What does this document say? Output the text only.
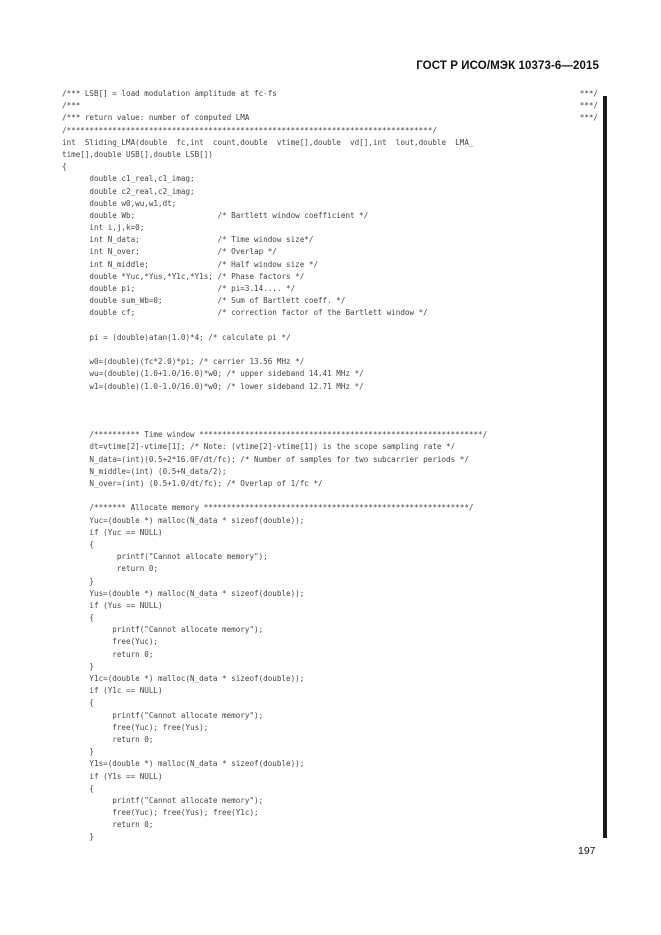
ГОСТ Р ИСО/МЭК 10373-6—2015
/*** LSB[] = load modulation amplitude at fc-fs	***/
/***	***/
/*** return value: number of computed LMA	***/
/********************************************************************************/
int  Sliding_LMA(double  fc,int  count,double  vtime[],double  vd[],int  lout,double  LMA_
time[],double USB[],double LSB[])
{
double c1_real,c1_imag;
double c2_real,c2_imag;
double w0,wu,w1,dt;
double Wb;                  /* Bartlett window coefficient */
int i,j,k=0;
int N_data;                 /* Time window size*/
int N_over;                 /* Overlap */
int N_middle;               /* Half window size */
double *Yuc,*Yus,*Y1c,*Y1s; /* Phase factors */
double pi;                  /* pi=3.14.... */
double sum_Wb=0;            /* Sum of Bartlett coeff. */
double cf;                  /* correction factor of the Bartlett window */
pi = (double)atan(1.0)*4; /* calculate pi */
w0=(double)(fc*2.0)*pi; /* carrier 13.56 MHz */
wu=(double)(1.0+1.0/16.0)*w0; /* upper sideband 14.41 MHz */
w1=(double)(1.0-1.0/16.0)*w0; /* lower sideband 12.71 MHz */
/********** Time window **************************************************************/
dt=vtime[2]-vtime[1]; /* Note: (vtime[2]-vtime[1]) is the scope sampling rate */
N_data=(int)(0.5+2*16.0F/dt/fc); /* Number of samples for two subcarrier periods */
N_middle=(int) (0.5+N_data/2);
N_over=(int) (0.5+1.0/dt/fc); /* Overlap of 1/fc */
/******* Allocate memory **********************************************************/
Yuc=(double *) malloc(N_data * sizeof(double));
if (Yuc == NULL)
{
printf("Cannot allocate memory");
return 0;
}
Yus=(double *) malloc(N_data * sizeof(double));
if (Yus == NULL)
{
printf("Cannot allocate memory");
free(Yuc);
return 0;
}
Y1c=(double *) malloc(N_data * sizeof(double));
if (Y1c == NULL)
{
printf("Cannot allocate memory");
free(Yuc); free(Yus);
return 0;
}
Y1s=(double *) malloc(N_data * sizeof(double));
if (Y1s == NULL)
{
printf("Cannot allocate memory");
free(Yuc); free(Yus); free(Y1c);
return 0;
}
197
